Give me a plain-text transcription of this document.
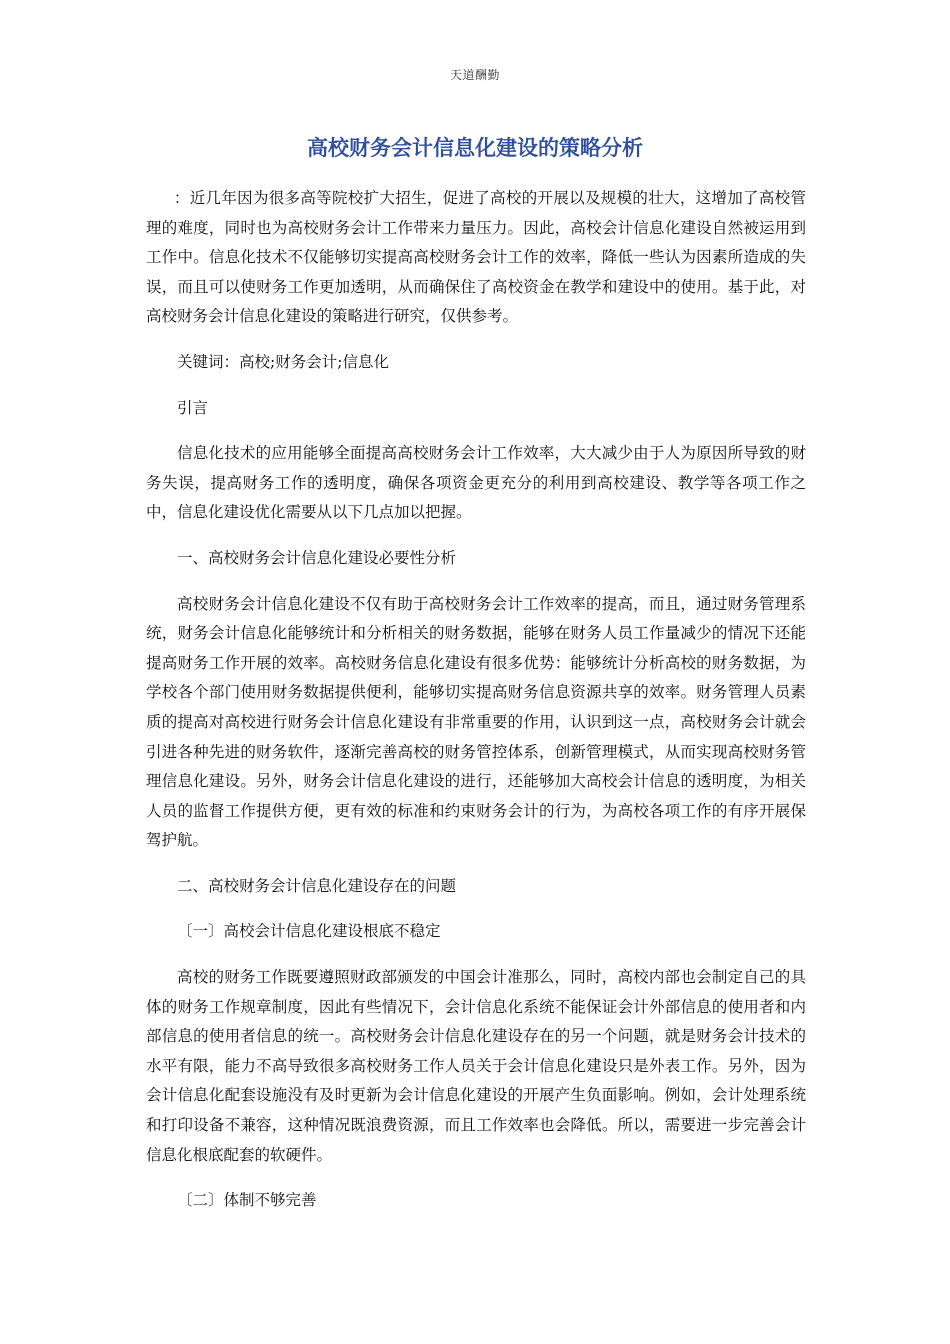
天道酬勤
高校财务会计信息化建设的策略分析

：近几年因为很多高等院校扩大招生，促进了高校的开展以及规模的壮大，这增加了高校管理的难度，同时也为高校财务会计工作带来力量压力。因此，高校会计信息化建设自然被运用到工作中。信息化技术不仅能够切实提高高校财务会计工作的效率，降低一些认为因素所造成的失误，而且可以使财务工作更加透明，从而确保住了高校资金在教学和建设中的使用。基于此，对高校财务会计信息化建设的策略进行研究，仅供参考。

关键词：高校;财务会计;信息化

引言

信息化技术的应用能够全面提高高校财务会计工作效率，大大减少由于人为原因所导致的财务失误，提高财务工作的透明度，确保各项资金更充分的利用到高校建设、教学等各项工作之中，信息化建设优化需要从以下几点加以把握。

一、高校财务会计信息化建设必要性分析

高校财务会计信息化建设不仅有助于高校财务会计工作效率的提高，而且，通过财务管理系统，财务会计信息化能够统计和分析相关的财务数据，能够在财务人员工作量减少的情况下还能提高财务工作开展的效率。高校财务信息化建设有很多优势：能够统计分析高校的财务数据，为学校各个部门使用财务数据提供便利，能够切实提高财务信息资源共享的效率。财务管理人员素质的提高对高校进行财务会计信息化建设有非常重要的作用，认识到这一点，高校财务会计就会引进各种先进的财务软件，逐渐完善高校的财务管控体系，创新管理模式，从而实现高校财务管理信息化建设。另外，财务会计信息化建设的进行，还能够加大高校会计信息的透明度，为相关人员的监督工作提供方便，更有效的标准和约束财务会计的行为，为高校各项工作的有序开展保驾护航。

二、高校财务会计信息化建设存在的问题

〔一〕高校会计信息化建设根底不稳定

高校的财务工作既要遵照财政部颁发的中国会计准那么，同时，高校内部也会制定自己的具体的财务工作规章制度，因此有些情况下，会计信息化系统不能保证会计外部信息的使用者和内部信息的使用者信息的统一。高校财务会计信息化建设存在的另一个问题，就是财务会计技术的水平有限，能力不高导致很多高校财务工作人员关于会计信息化建设只是外表工作。另外，因为会计信息化配套设施没有及时更新为会计信息化建设的开展产生负面影响。例如，会计处理系统和打印设备不兼容，这种情况既浪费资源，而且工作效率也会降低。所以，需要进一步完善会计信息化根底配套的软硬件。

〔二〕体制不够完善
